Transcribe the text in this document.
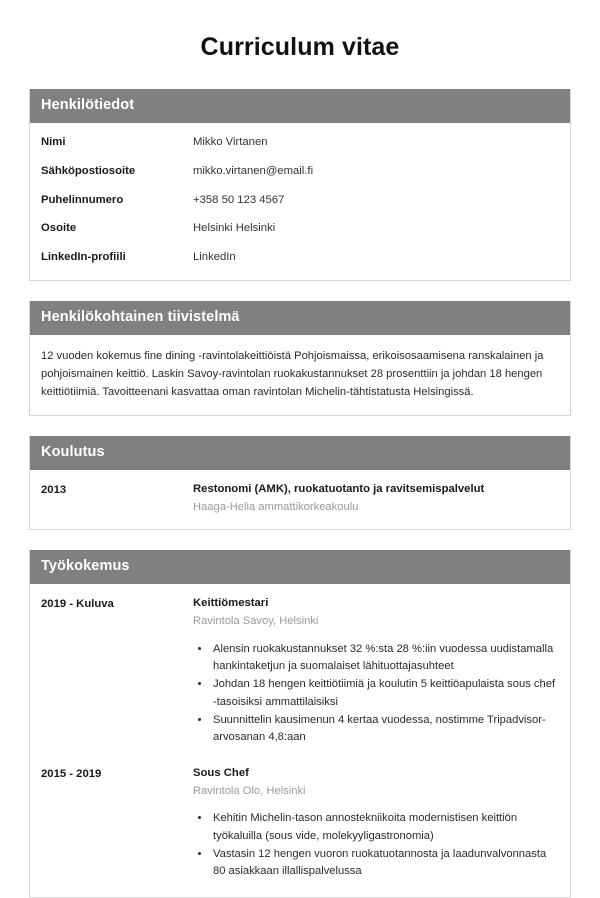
Curriculum vitae
Henkilötiedot
Nimi	Mikko Virtanen
Sähköpostiosoite	mikko.virtanen@email.fi
Puhelinnumero	+358 50 123 4567
Osoite	Helsinki Helsinki
LinkedIn-profiili	LinkedIn
Henkilökohtainen tiivistelmä

12 vuoden kokemus fine dining -ravintolakeittiöistä Pohjoismaissa, erikoisosaamisena ranskalainen ja pohjoismainen keittiö. Laskin Savoy-ravintolan ruokakustannukset 28 prosenttiin ja johdan 18 hengen keittiötiimiä. Tavoitteenani kasvattaa oman ravintolan Michelin-tähtistatusta Helsingissä.

Koulutus
2013	Restonomi (AMK), ruokatuotanto ja ravitsemispalvelut
Haaga-Helia ammattikorkeakoulu
Työkokemus
2019 - Kuluva	Keittiömestari
Ravintola Savoy, Helsinki
• Alensin ruokakustannukset 32 %:sta 28 %:iin vuodessa uudistamalla hankintaketjun ja suomalaiset lähituottajasuhteet
• Johdan 18 hengen keittiötiimiä ja koulutin 5 keittiöapulaista sous chef -tasoisiksi ammattilaisiksi
• Suunnittelin kausimenun 4 kertaa vuodessa, nostimme Tripadvisor-arvosanan 4,8:aan
2015 - 2019	Sous Chef
Ravintola Olo, Helsinki
• Kehitin Michelin-tason annostekniikoita modernistisen keittiön työkaluilla (sous vide, molekyyligastronomia)
• Vastasin 12 hengen vuoron ruokatuotannosta ja laadunvalvonnasta 80 asiakkaan illallispalvelussa
